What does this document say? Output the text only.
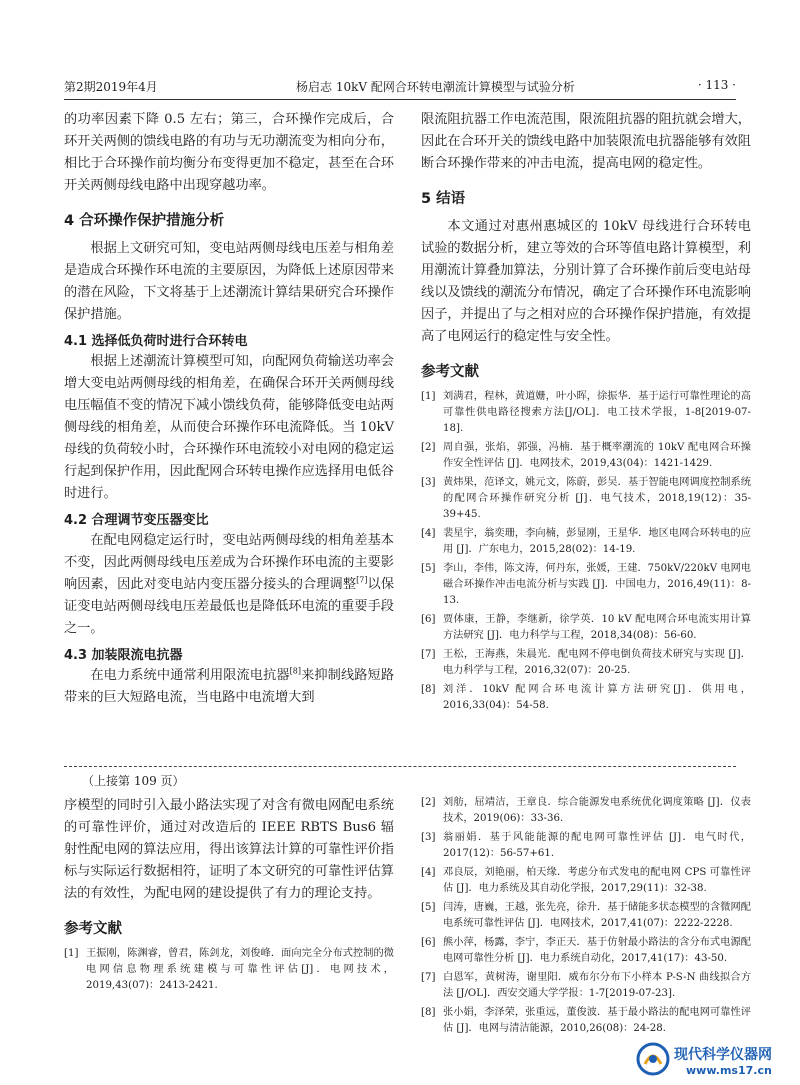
第2期2019年4月	杨启志 10kV 配网合环转电潮流计算模型与试验分析	· 113 ·

的功率因素下降 0.5 左右；第三，合环操作完成后，合环开关两侧的馈线电路的有功与无功潮流变为相向分布，相比于合环操作前均衡分布变得更加不稳定，甚至在合环开关两侧母线电路中出现穿越功率。

4 合环操作保护措施分析

根据上文研究可知，变电站两侧母线电压差与相角差是造成合环操作环电流的主要原因，为降低上述原因带来的潜在风险，下文将基于上述潮流计算结果研究合环操作保护措施。

4.1 选择低负荷时进行合环转电

根据上述潮流计算模型可知，向配网负荷输送功率会增大变电站两侧母线的相角差，在确保合环开关两侧母线电压幅值不变的情况下减小馈线负荷，能够降低变电站两侧母线的相角差，从而使合环操作环电流降低。当 10kV 母线的负荷较小时，合环操作环电流较小对电网的稳定运行起到保护作用，因此配网合环转电操作应选择用电低谷时进行。

4.2 合理调节变压器变比

在配电网稳定运行时，变电站两侧母线的相角差基本不变，因此两侧母线电压差成为合环操作环电流的主要影响因素，因此对变电站内变压器分接头的合理调整[7]以保证变电站两侧母线电压差最低也是降低环电流的重要手段之一。

4.3 加装限流电抗器

在电力系统中通常利用限流电抗器[8]来抑制线路短路带来的巨大短路电流，当电路中电流增大到

限流阻抗器工作电流范围，限流阻抗器的阻抗就会增大，因此在合环开关的馈线电路中加装限流电抗器能够有效阻断合环操作带来的冲击电流，提高电网的稳定性。

5 结语

本文通过对惠州惠城区的 10kV 母线进行合环转电试验的数据分析，建立等效的合环等值电路计算模型，利用潮流计算叠加算法，分别计算了合环操作前后变电站母线以及馈线的潮流分布情况，确定了合环操作环电流影响因子，并提出了与之相对应的合环操作保护措施，有效提高了电网运行的稳定性与安全性。

参考文献
[1] 刘满君，程林，黄道姗，叶小晖，徐振华．基于运行可靠性理论的高可靠性供电路径搜索方法[J/OL]．电工技术学报，1-8[2019-07-18].
[2] 周自强，张焰，郭强，冯楠．基于概率潮流的 10kV 配电网合环操作安全性评估 [J]．电网技术，2019,43(04)：1421-1429.
[3] 黄炜果，范译文，姚元文，陈蔚，彭吴．基于智能电网调度控制系统的配网合环操作研究分析 [J]．电气技术，2018,19(12)：35-39+45.
[4] 裴星宇，翁奕珊，李向楠，彭显刚，王星华．地区电网合环转电的应用 [J]．广东电力，2015,28(02)：14-19.
[5] 李山，李伟，陈文涛，何丹东，张媛，王建．750kV/220kV 电网电磁合环操作冲击电流分析与实践 [J]．中国电力，2016,49(11)：8-13.
[6] 贾体康，王静，李继新，徐学英．10 kV 配电网合环电流实用计算方法研究 [J]．电力科学与工程，2018,34(08)：56-60.
[7] 王松，王海燕，朱晨光．配电网不停电倒负荷技术研究与实现 [J]．电力科学与工程，2016,32(07)：20-25.
[8] 刘洋．10kV 配网合环电流计算方法研究[J]．供用电，2016,33(04)：54-58.
（上接第 109 页）

序模型的同时引入最小路法实现了对含有微电网配电系统的可靠性评价，通过对改造后的 IEEE RBTS Bus6 辐射性配电网的算法应用，得出该算法计算的可靠性评价指标与实际运行数据相符，证明了本文研究的可靠性评估算法的有效性，为配电网的建设提供了有力的理论支持。

参考文献
[1] 王振刚，陈渊睿，曾君，陈剑龙，刘俊峰．面向完全分布式控制的微电网信息物理系统建模与可靠性评估[J]．电网技术，2019,43(07)：2413-2421.
[2] 刘舫，屈靖洁，王章良．综合能源发电系统优化调度策略 [J]．仪表技术，2019(06)：33-36.
[3] 翁丽娟．基于风能能源的配电网可靠性评估 [J]．电气时代，2017(12)：56-57+61.
[4] 邓良辰，刘艳丽，柏天缘．考虑分布式发电的配电网 CPS 可靠性评估 [J]．电力系统及其自动化学报，2017,29(11)：32-38.
[5] 闫涛，唐巍，王越，张先亮，徐升．基于储能多状态模型的含微网配电系统可靠性评估 [J]．电网技术，2017,41(07)：2222-2228.
[6] 熊小萍，杨露，李宁，李正天．基于仿射最小路法的含分布式电源配电网可靠性分析 [J]．电力系统自动化，2017,41(17)：43-50.
[7] 白恩军，黄树涛，谢里阳．威布尔分布下小样本 P-S-N 曲线拟合方法 [J/OL]．西安交通大学学报：1-7[2019-07-23].
[8] 张小娟，李泽荣，张重远，董俊波．基于最小路法的配电网可靠性评估 [J]．电网与清洁能源，2010,26(08)：24-28.
现代科学仪器网
www.ms17.cn
